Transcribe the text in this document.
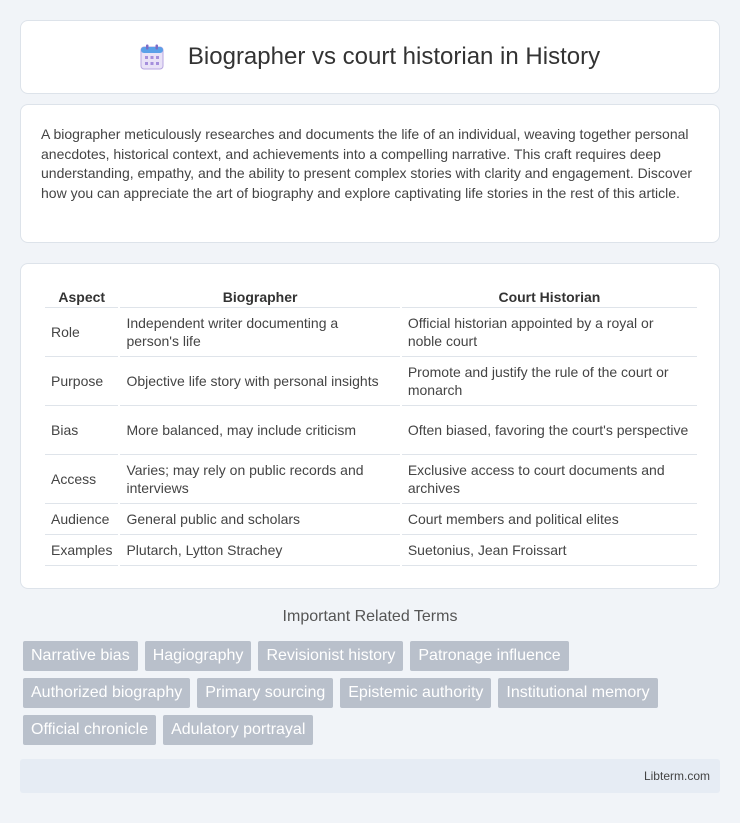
Biographer vs court historian in History

A biographer meticulously researches and documents the life of an individual, weaving together personal anecdotes, historical context, and achievements into a compelling narrative. This craft requires deep understanding, empathy, and the ability to present complex stories with clarity and engagement. Discover how you can appreciate the art of biography and explore captivating life stories in the rest of this article.

Aspect	Biographer	Court Historian
Role	Independent writer documenting a person's life	Official historian appointed by a royal or noble court
Purpose	Objective life story with personal insights	Promote and justify the rule of the court or monarch
Bias	More balanced, may include criticism	Often biased, favoring the court's perspective
Access	Varies; may rely on public records and interviews	Exclusive access to court documents and archives
Audience	General public and scholars	Court members and political elites
Examples	Plutarch, Lytton Strachey	Suetonius, Jean Froissart
Important Related Terms
Narrative bias	Hagiography	Revisionist history	Patronage influence
Authorized biography	Primary sourcing	Epistemic authority	Institutional memory
Official chronicle	Adulatory portrayal
Libterm.com
